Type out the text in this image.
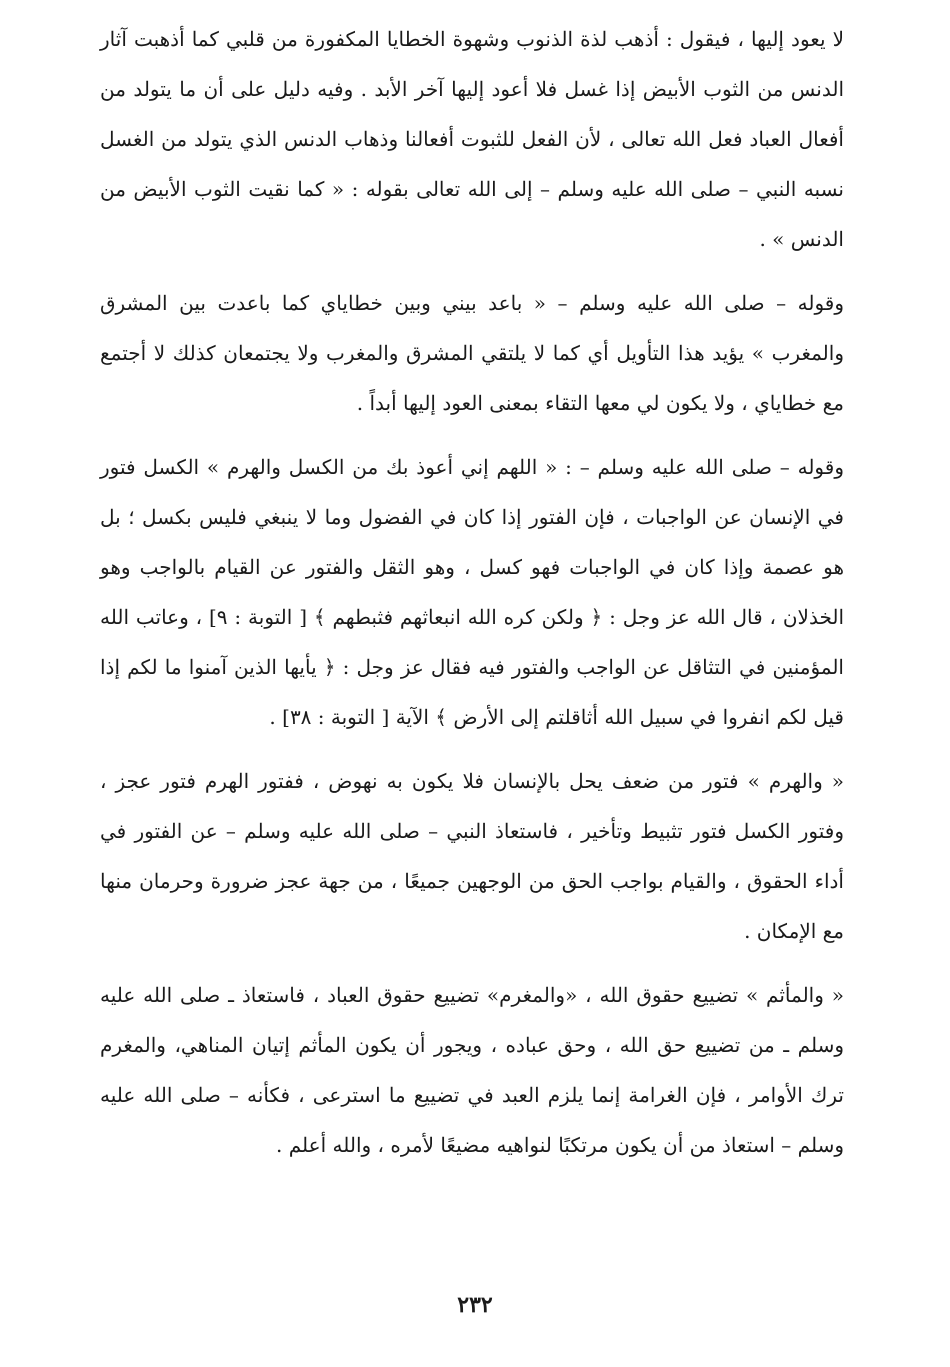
لا يعود إليها ، فيقول : أذهب لذة الذنوب وشهوة الخطايا المكفورة من قلبي كما أذهبت آثار الدنس من الثوب الأبيض إذا غسل فلا أعود إليها آخر الأبد . وفيه دليل على أن ما يتولد من أفعال العباد فعل الله تعالى ، لأن الفعل للثبوت أفعالنا وذهاب الدنس الذي يتولد من الغسل نسبه النبي – صلى الله عليه وسلم – إلى الله تعالى بقوله : « كما نقيت الثوب الأبيض من الدنس » .

وقوله – صلى الله عليه وسلم – « باعد بيني وبين خطاياي كما باعدت بين المشرق والمغرب » يؤيد هذا التأويل أي كما لا يلتقي المشرق والمغرب ولا يجتمعان كذلك لا أجتمع مع خطاياي ، ولا يكون لي معها التقاء بمعنى العود إليها أبداً .

وقوله – صلى الله عليه وسلم – : « اللهم إني أعوذ بك من الكسل والهرم » الكسل فتور في الإنسان عن الواجبات ، فإن الفتور إذا كان في الفضول وما لا ينبغي فليس بكسل ؛ بل هو عصمة وإذا كان في الواجبات فهو كسل ، وهو الثقل والفتور عن القيام بالواجب وهو الخذلان ، قال الله عز وجل : ﴿ ولكن كره الله انبعاثهم فثبطهم ﴾ [ التوبة : ٩] ، وعاتب الله المؤمنين في التثاقل عن الواجب والفتور فيه فقال عز وجل : ﴿ يأيها الذين آمنوا ما لكم إذا قيل لكم انفروا في سبيل الله أثاقلتم إلى الأرض ﴾ الآية [ التوبة : ٣٨] .

« والهرم » فتور من ضعف يحل بالإنسان فلا يكون به نهوض ، ففتور الهرم فتور عجز ، وفتور الكسل فتور تثبيط وتأخير ، فاستعاذ النبي – صلى الله عليه وسلم – عن الفتور في أداء الحقوق ، والقيام بواجب الحق من الوجهين جميعًا ، من جهة عجز ضرورة وحرمان منها مع الإمكان .

« والمأثم » تضييع حقوق الله ، «والمغرم» تضييع حقوق العباد ، فاستعاذ ـ صلى الله عليه وسلم ـ من تضييع حق الله ، وحق عباده ، ويجور أن يكون المأثم إتيان المناهي، والمغرم ترك الأوامر ، فإن الغرامة إنما يلزم العبد في تضييع ما استرعى ، فكأنه – صلى الله عليه وسلم – استعاذ من أن يكون مرتكبًا لنواهيه مضيعًا لأمره ، والله أعلم .

٢٣٢
